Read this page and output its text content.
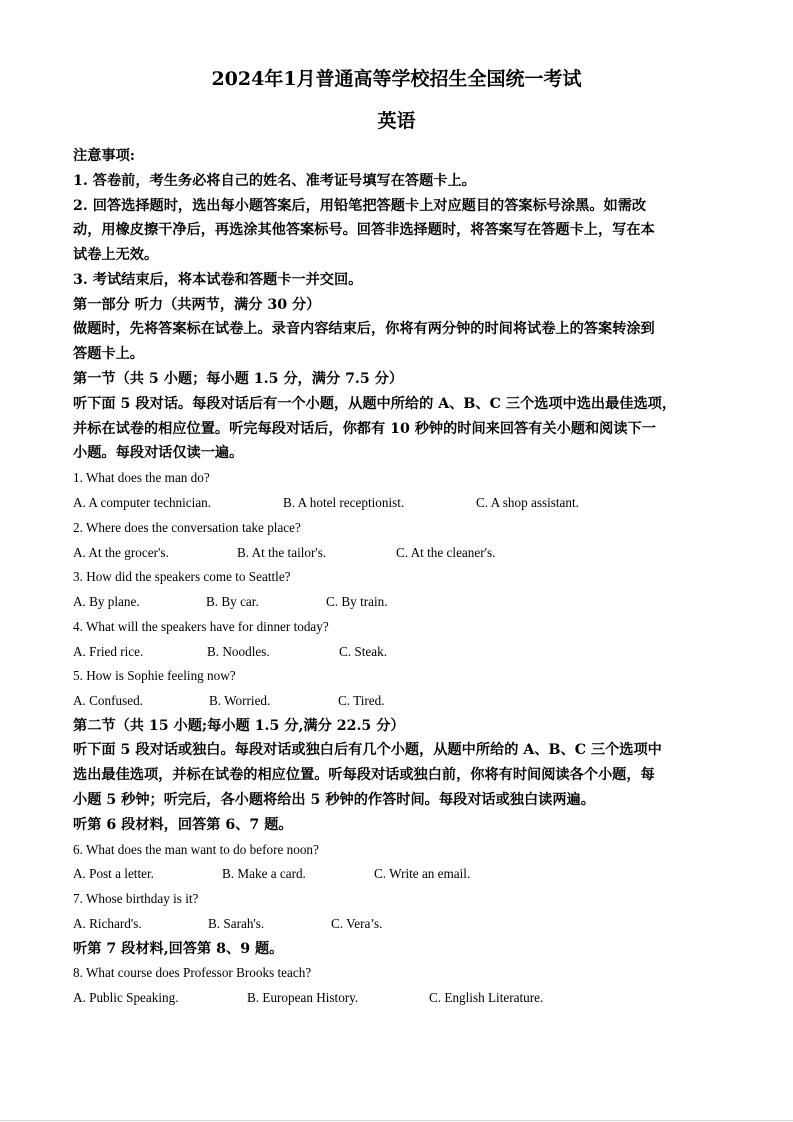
2024年1月普通高等学校招生全国统一考试
英语
注意事项:
1. 答卷前，考生务必将自己的姓名、准考证号填写在答题卡上。
2. 回答选择题时，选出每小题答案后，用铅笔把答题卡上对应题目的答案标号涂黑。如需改
动，用橡皮擦干净后，再选涂其他答案标号。回答非选择题时，将答案写在答题卡上，写在本
试卷上无效。
3. 考试结束后，将本试卷和答题卡一并交回。
第一部分 听力（共两节，满分 30 分）
做题时，先将答案标在试卷上。录音内容结束后，你将有两分钟的时间将试卷上的答案转涂到
答题卡上。
第一节（共 5 小题；每小题 1.5 分，满分 7.5 分）
听下面 5 段对话。每段对话后有一个小题，从题中所给的 A、B、C 三个选项中选出最佳选项，
并标在试卷的相应位置。听完每段对话后，你都有 10 秒钟的时间来回答有关小题和阅读下一
小题。每段对话仅读一遍。
1. What does the man do?
A. A computer technician.	B. A hotel receptionist.	C. A shop assistant.
2. Where does the conversation take place?
A. At the grocer's.	B. At the tailor's.	C. At the cleaner's.
3. How did the speakers come to Seattle?
A. By plane.	B. By car.	C. By train.
4. What will the speakers have for dinner today?
A. Fried rice.	B. Noodles.	C. Steak.
5. How is Sophie feeling now?
A. Confused.	B. Worried.	C. Tired.
第二节（共 15 小题;每小题 1.5 分,满分 22.5 分）
听下面 5 段对话或独白。每段对话或独白后有几个小题，从题中所给的 A、B、C 三个选项中
选出最佳选项，并标在试卷的相应位置。听每段对话或独白前，你将有时间阅读各个小题，每
小题 5 秒钟；听完后，各小题将给出 5 秒钟的作答时间。每段对话或独白读两遍。
听第 6 段材料，回答第 6、7 题。
6. What does the man want to do before noon?
A. Post a letter.	B. Make a card.	C. Write an email.
7. Whose birthday is it?
A. Richard's.	B. Sarah's.	C. Vera’s.
听第 7 段材料,回答第 8、9 题。
8. What course does Professor Brooks teach?
A. Public Speaking.	B. European History.	C. English Literature.
